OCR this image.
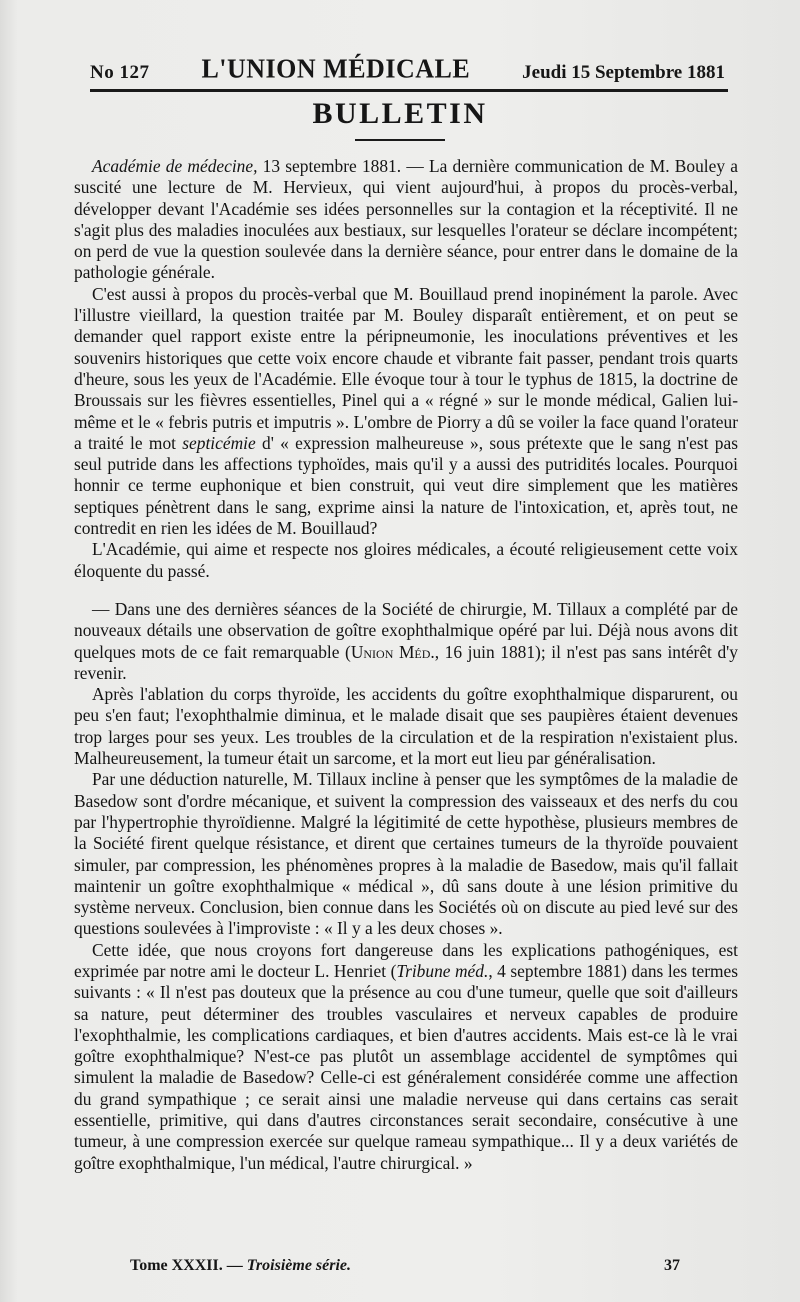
No 127 L'UNION MÉDICALE	Jeudi 15 Septembre 1881
BULLETIN

Académie de médecine, 13 septembre 1881. — La dernière communication de M. Bouley a suscité une lecture de M. Hervieux, qui vient aujourd'hui, à propos du procès-verbal, développer devant l'Académie ses idées personnelles sur la contagion et la réceptivité. Il ne s'agit plus des maladies inoculées aux bestiaux, sur lesquelles l'orateur se déclare incompétent; on perd de vue la question soulevée dans la dernière séance, pour entrer dans le domaine de la pathologie générale.

C'est aussi à propos du procès-verbal que M. Bouillaud prend inopinément la parole. Avec l'illustre vieillard, la question traitée par M. Bouley disparaît entièrement, et on peut se demander quel rapport existe entre la péripneumonie, les inoculations préventives et les souvenirs historiques que cette voix encore chaude et vibrante fait passer, pendant trois quarts d'heure, sous les yeux de l'Académie. Elle évoque tour à tour le typhus de 1815, la doctrine de Broussais sur les fièvres essentielles, Pinel qui a « régné » sur le monde médical, Galien lui-même et le « febris putris et imputris ». L'ombre de Piorry a dû se voiler la face quand l'orateur a traité le mot septicémie d' « expression malheureuse », sous prétexte que le sang n'est pas seul putride dans les affections typhoïdes, mais qu'il y a aussi des putridités locales. Pourquoi honnir ce terme euphonique et bien construit, qui veut dire simplement que les matières septiques pénètrent dans le sang, exprime ainsi la nature de l'intoxication, et, après tout, ne contredit en rien les idées de M. Bouillaud?

L'Académie, qui aime et respecte nos gloires médicales, a écouté religieusement cette voix éloquente du passé.

— Dans une des dernières séances de la Société de chirurgie, M. Tillaux a complété par de nouveaux détails une observation de goître exophthalmique opéré par lui. Déjà nous avons dit quelques mots de ce fait remarquable (Union Méd., 16 juin 1881); il n'est pas sans intérêt d'y revenir.

Après l'ablation du corps thyroïde, les accidents du goître exophthalmique disparurent, ou peu s'en faut; l'exophthalmie diminua, et le malade disait que ses paupières étaient devenues trop larges pour ses yeux. Les troubles de la circulation et de la respiration n'existaient plus. Malheureusement, la tumeur était un sarcome, et la mort eut lieu par généralisation.

Par une déduction naturelle, M. Tillaux incline à penser que les symptômes de la maladie de Basedow sont d'ordre mécanique, et suivent la compression des vaisseaux et des nerfs du cou par l'hypertrophie thyroïdienne. Malgré la légitimité de cette hypothèse, plusieurs membres de la Société firent quelque résistance, et dirent que certaines tumeurs de la thyroïde pouvaient simuler, par compression, les phénomènes propres à la maladie de Basedow, mais qu'il fallait maintenir un goître exophthalmique « médical », dû sans doute à une lésion primitive du système nerveux. Conclusion, bien connue dans les Sociétés où on discute au pied levé sur des questions soulevées à l'improviste : « Il y a les deux choses ».

Cette idée, que nous croyons fort dangereuse dans les explications pathogéniques, est exprimée par notre ami le docteur L. Henriet (Tribune méd., 4 septembre 1881) dans les termes suivants : « Il n'est pas douteux que la présence au cou d'une tumeur, quelle que soit d'ailleurs sa nature, peut déterminer des troubles vasculaires et nerveux capables de produire l'exophthalmie, les complications cardiaques, et bien d'autres accidents. Mais est-ce là le vrai goître exophthalmique? N'est-ce pas plutôt un assemblage accidentel de symptômes qui simulent la maladie de Basedow? Celle-ci est généralement considérée comme une affection du grand sympathique ; ce serait ainsi une maladie nerveuse qui dans certains cas serait essentielle, primitive, qui dans d'autres circonstances serait secondaire, consécutive à une tumeur, à une compression exercée sur quelque rameau sympathique... Il y a deux variétés de goître exophthalmique, l'un médical, l'autre chirurgical. »

Tome XXXII. — Troisième série.	37
